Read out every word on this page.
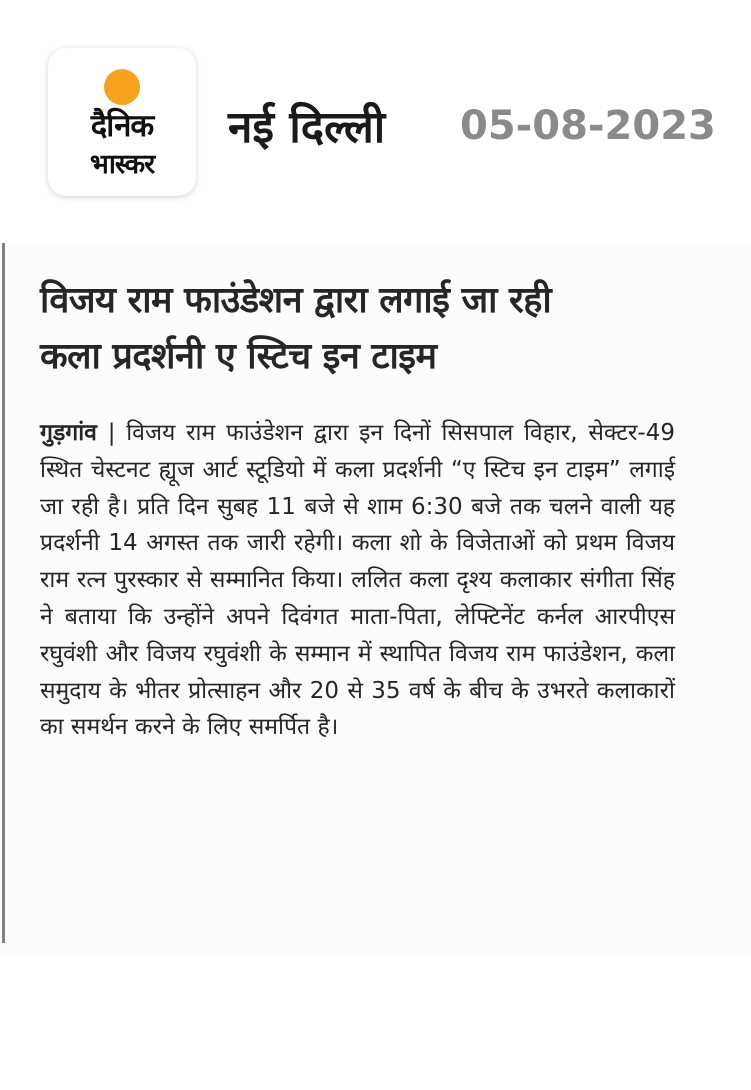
दैनिक
भास्कर
नई दिल्ली 05-08-2023
विजय राम फाउंडेशन द्वारा लगाई जा रही
कला प्रदर्शनी ए स्टिच इन टाइम

गुड़गांव | विजय राम फाउंडेशन द्वारा इन दिनों सिसपाल विहार, सेक्टर-49 स्थित चेस्टनट ह्यूज आर्ट स्टूडियो में कला प्रदर्शनी “ए स्टिच इन टाइम” लगाई जा रही है। प्रति दिन सुबह 11 बजे से शाम 6:30 बजे तक चलने वाली यह प्रदर्शनी 14 अगस्त तक जारी रहेगी। कला शो के विजेताओं को प्रथम विजय राम रत्न पुरस्कार से सम्मानित किया। ललित कला दृश्य कलाकार संगीता सिंह ने बताया कि उन्होंने अपने दिवंगत माता-पिता, लेफ्टिनेंट कर्नल आरपीएस रघुवंशी और विजय रघुवंशी के सम्मान में स्थापित विजय राम फाउंडेशन, कला समुदाय के भीतर प्रोत्साहन और 20 से 35 वर्ष के बीच के उभरते कलाकारों का समर्थन करने के लिए समर्पित है।
